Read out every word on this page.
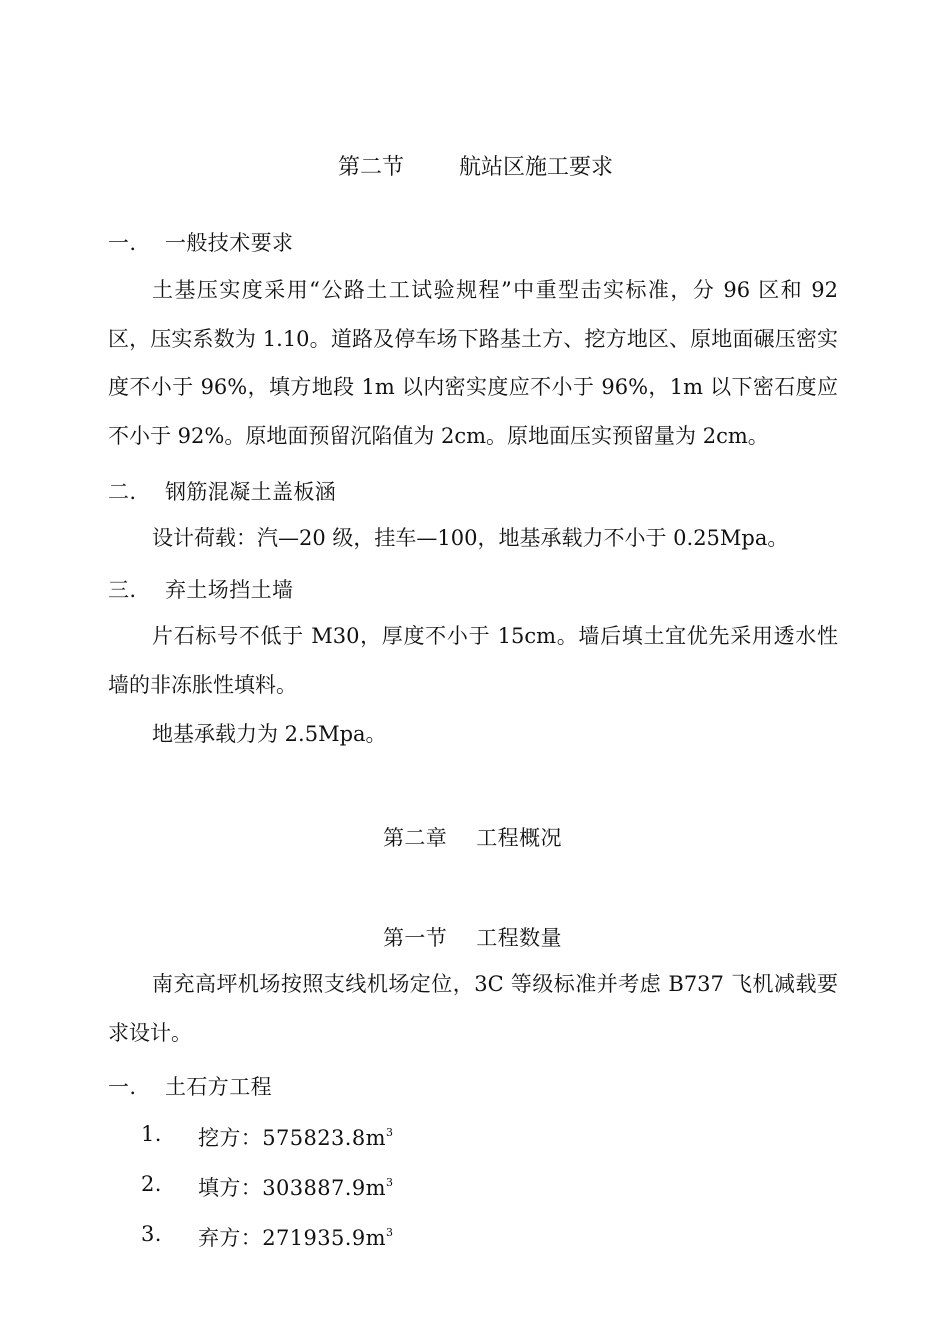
第二节	航站区施工要求
一. 一般技术要求
土基压实度采用“公路土工试验规程”中重型击实标准，分 96 区和 92 区，压实系数为 1.10。道路及停车场下路基土方、挖方地区、原地面碾压密实度不小于 96%，填方地段 1m 以内密实度应不小于 96%，1m 以下密石度应不小于 92%。原地面预留沉陷值为 2cm。原地面压实预留量为 2cm。
二. 钢筋混凝土盖板涵
设计荷载：汽—20 级，挂车—100，地基承载力不小于 0.25Mpa。
三. 弃土场挡土墙
片石标号不低于 M30，厚度不小于 15cm。墙后填土宜优先采用透水性墙的非冻胀性填料。
地基承载力为 2.5Mpa。
第二章 工程概况
第一节 工程数量
南充高坪机场按照支线机场定位，3C 等级标准并考虑 B737 飞机减载要求设计。
一. 土石方工程
1. 挖方：$575823.8m^3$
2. 填方：$303887.9m^3$
3. 弃方：$271935.9m^3$
